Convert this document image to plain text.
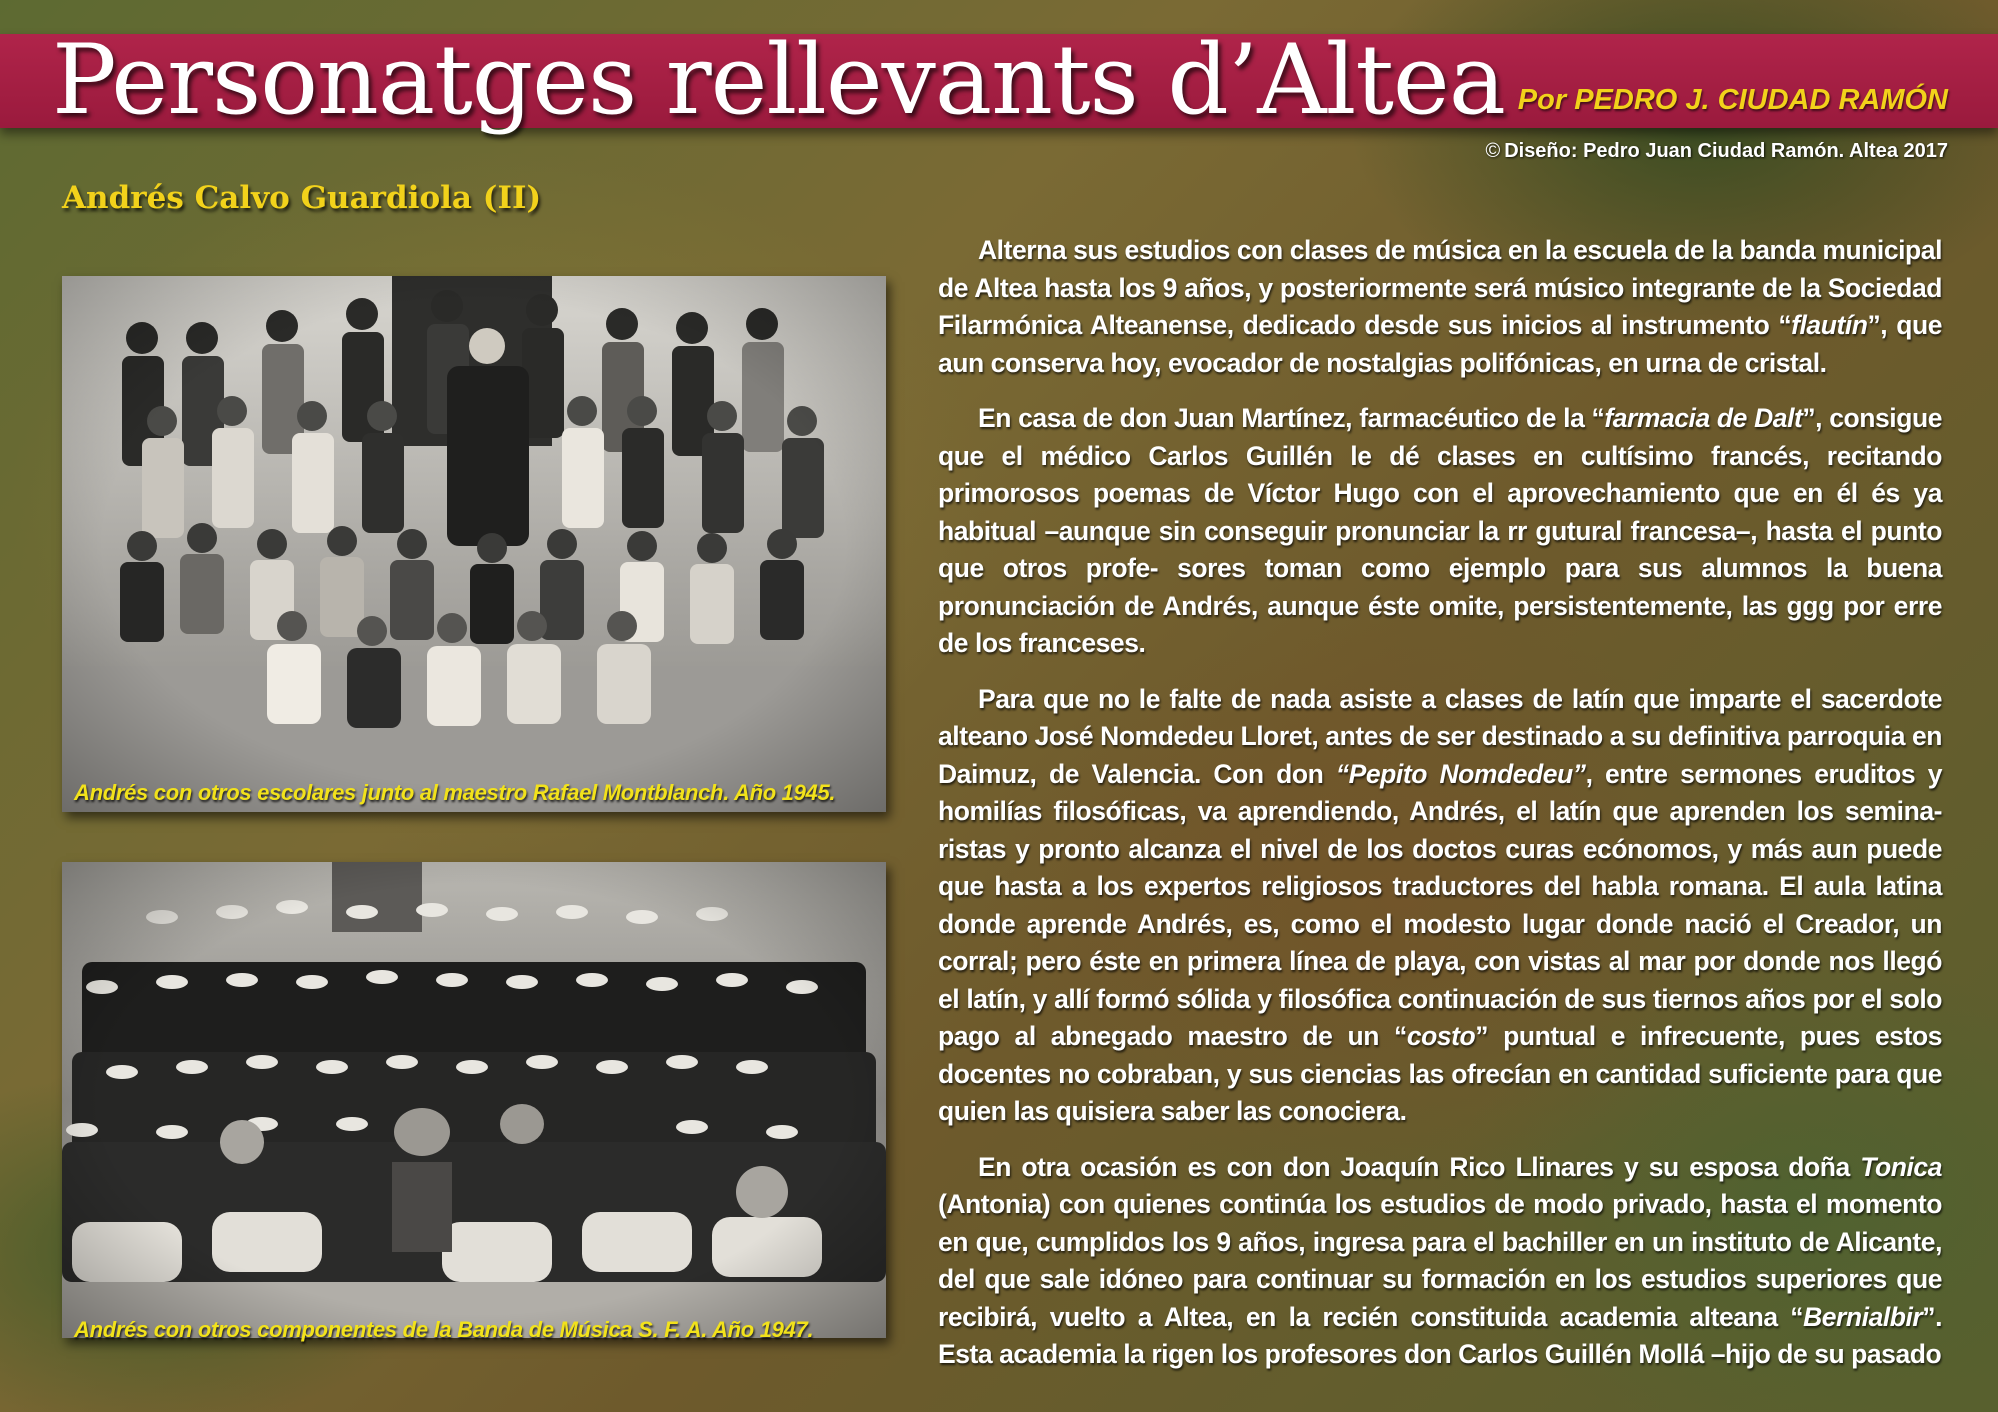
Personatges rellevants d’Altea Por PEDRO J. CIUDAD RAMÓN
© Diseño: Pedro Juan Ciudad Ramón. Altea 2017
Andrés Calvo Guardiola (II)
Andrés con otros escolares junto al maestro Rafael Montblanch. Año 1945.
Andrés con otros componentes de la Banda de Música S. F. A. Año 1947.

Alterna sus estudios con clases de música en la escuela de la banda municipal de Altea hasta los 9 años, y posteriormente será músico integrante de la Sociedad Filarmónica Alteanense, dedicado desde sus inicios al instrumento “flautín”, que aun conserva hoy, evocador de nostalgias polifónicas, en urna de cristal.

En casa de don Juan Martínez, farmacéutico de la “farmacia de Dalt”, consigue que el médico Carlos Guillén le dé clases en cultísimo francés, recitando primorosos poemas de Víctor Hugo con el aprovechamiento que en él és ya habitual –aunque sin conseguir pronunciar la rr gutural francesa–, hasta el punto que otros profe- sores toman como ejemplo para sus alumnos la buena pronunciación de Andrés, aunque éste omite, persistentemente, las ggg por erre de los franceses.

Para que no le falte de nada asiste a clases de latín que imparte el sacerdote alteano José Nomdedeu Lloret, antes de ser destinado a su definitiva parroquia en Daimuz, de Valencia. Con don “Pepito Nomdedeu”, entre sermones eruditos y homilías filosóficas, va aprendiendo, Andrés, el latín que aprenden los semina- ristas y pronto alcanza el nivel de los doctos curas ecónomos, y más aun puede que hasta a los expertos religiosos traductores del habla romana. El aula latina donde aprende Andrés, es, como el modesto lugar donde nació el Creador, un corral; pero éste en primera línea de playa, con vistas al mar por donde nos llegó el latín, y allí formó sólida y filosófica continuación de sus tiernos años por el solo pago al abnegado maestro de un “costo” puntual e infrecuente, pues estos docentes no cobraban, y sus ciencias las ofrecían en cantidad suficiente para que quien las quisiera saber las conociera.

En otra ocasión es con don Joaquín Rico Llinares y su esposa doña Tonica (Antonia) con quienes continúa los estudios de modo privado, hasta el momento en que, cumplidos los 9 años, ingresa para el bachiller en un instituto de Alicante, del que sale idóneo para continuar su formación en los estudios superiores que recibirá, vuelto a Altea, en la recién constituida academia alteana “Bernialbir”. Esta academia la rigen los profesores don Carlos Guillén Mollá –hijo de su pasado
